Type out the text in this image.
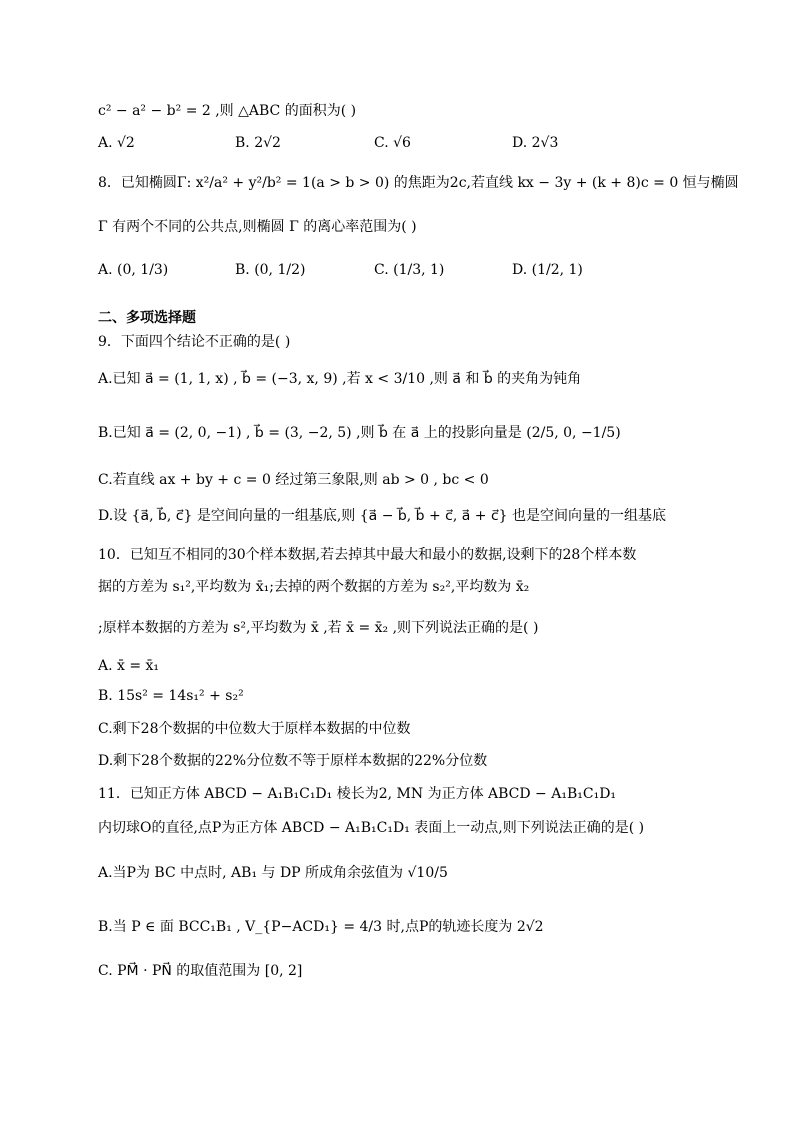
c² − a² − b² = 2 ,则 △ABC 的面积为( )
A. √2	B. 2√2	C. √6	D. 2√3
8．已知椭圆Γ: x²/a² + y²/b² = 1(a > b > 0) 的焦距为2c,若直线 kx − 3y + (k + 8)c = 0 恒与椭圆
Γ 有两个不同的公共点,则椭圆 Γ 的离心率范围为( )
A. (0, 1/3)	B. (0, 1/2)	C. (1/3, 1)	D. (1/2, 1)
二、多项选择题
9．下面四个结论不正确的是( )
A.已知 a⃗ = (1, 1, x) , b⃗ = (−3, x, 9) ,若 x < 3/10 ,则 a⃗ 和 b⃗ 的夹角为钝角
B.已知 a⃗ = (2, 0, −1) , b⃗ = (3, −2, 5) ,则 b⃗ 在 a⃗ 上的投影向量是 (2/5, 0, −1/5)
C.若直线 ax + by + c = 0 经过第三象限,则 ab > 0 , bc < 0
D.设 {a⃗, b⃗, c⃗} 是空间向量的一组基底,则 {a⃗ − b⃗, b⃗ + c⃗, a⃗ + c⃗} 也是空间向量的一组基底
10．已知互不相同的30个样本数据,若去掉其中最大和最小的数据,设剩下的28个样本数
据的方差为 s₁²,平均数为 x̄₁;去掉的两个数据的方差为 s₂²,平均数为 x̄₂
;原样本数据的方差为 s²,平均数为 x̄ ,若 x̄ = x̄₂ ,则下列说法正确的是( )
A. x̄ = x̄₁
B. 15s² = 14s₁² + s₂²
C.剩下28个数据的中位数大于原样本数据的中位数
D.剩下28个数据的22%分位数不等于原样本数据的22%分位数
11．已知正方体 ABCD − A₁B₁C₁D₁ 棱长为2, MN 为正方体 ABCD − A₁B₁C₁D₁
内切球O的直径,点P为正方体 ABCD − A₁B₁C₁D₁ 表面上一动点,则下列说法正确的是( )
A.当P为 BC 中点时, AB₁ 与 DP 所成角余弦值为 √10/5
B.当 P ∈ 面 BCC₁B₁ , V_{P−ACD₁} = 4/3 时,点P的轨迹长度为 2√2
C. PM⃗ · PN⃗ 的取值范围为 [0, 2]
